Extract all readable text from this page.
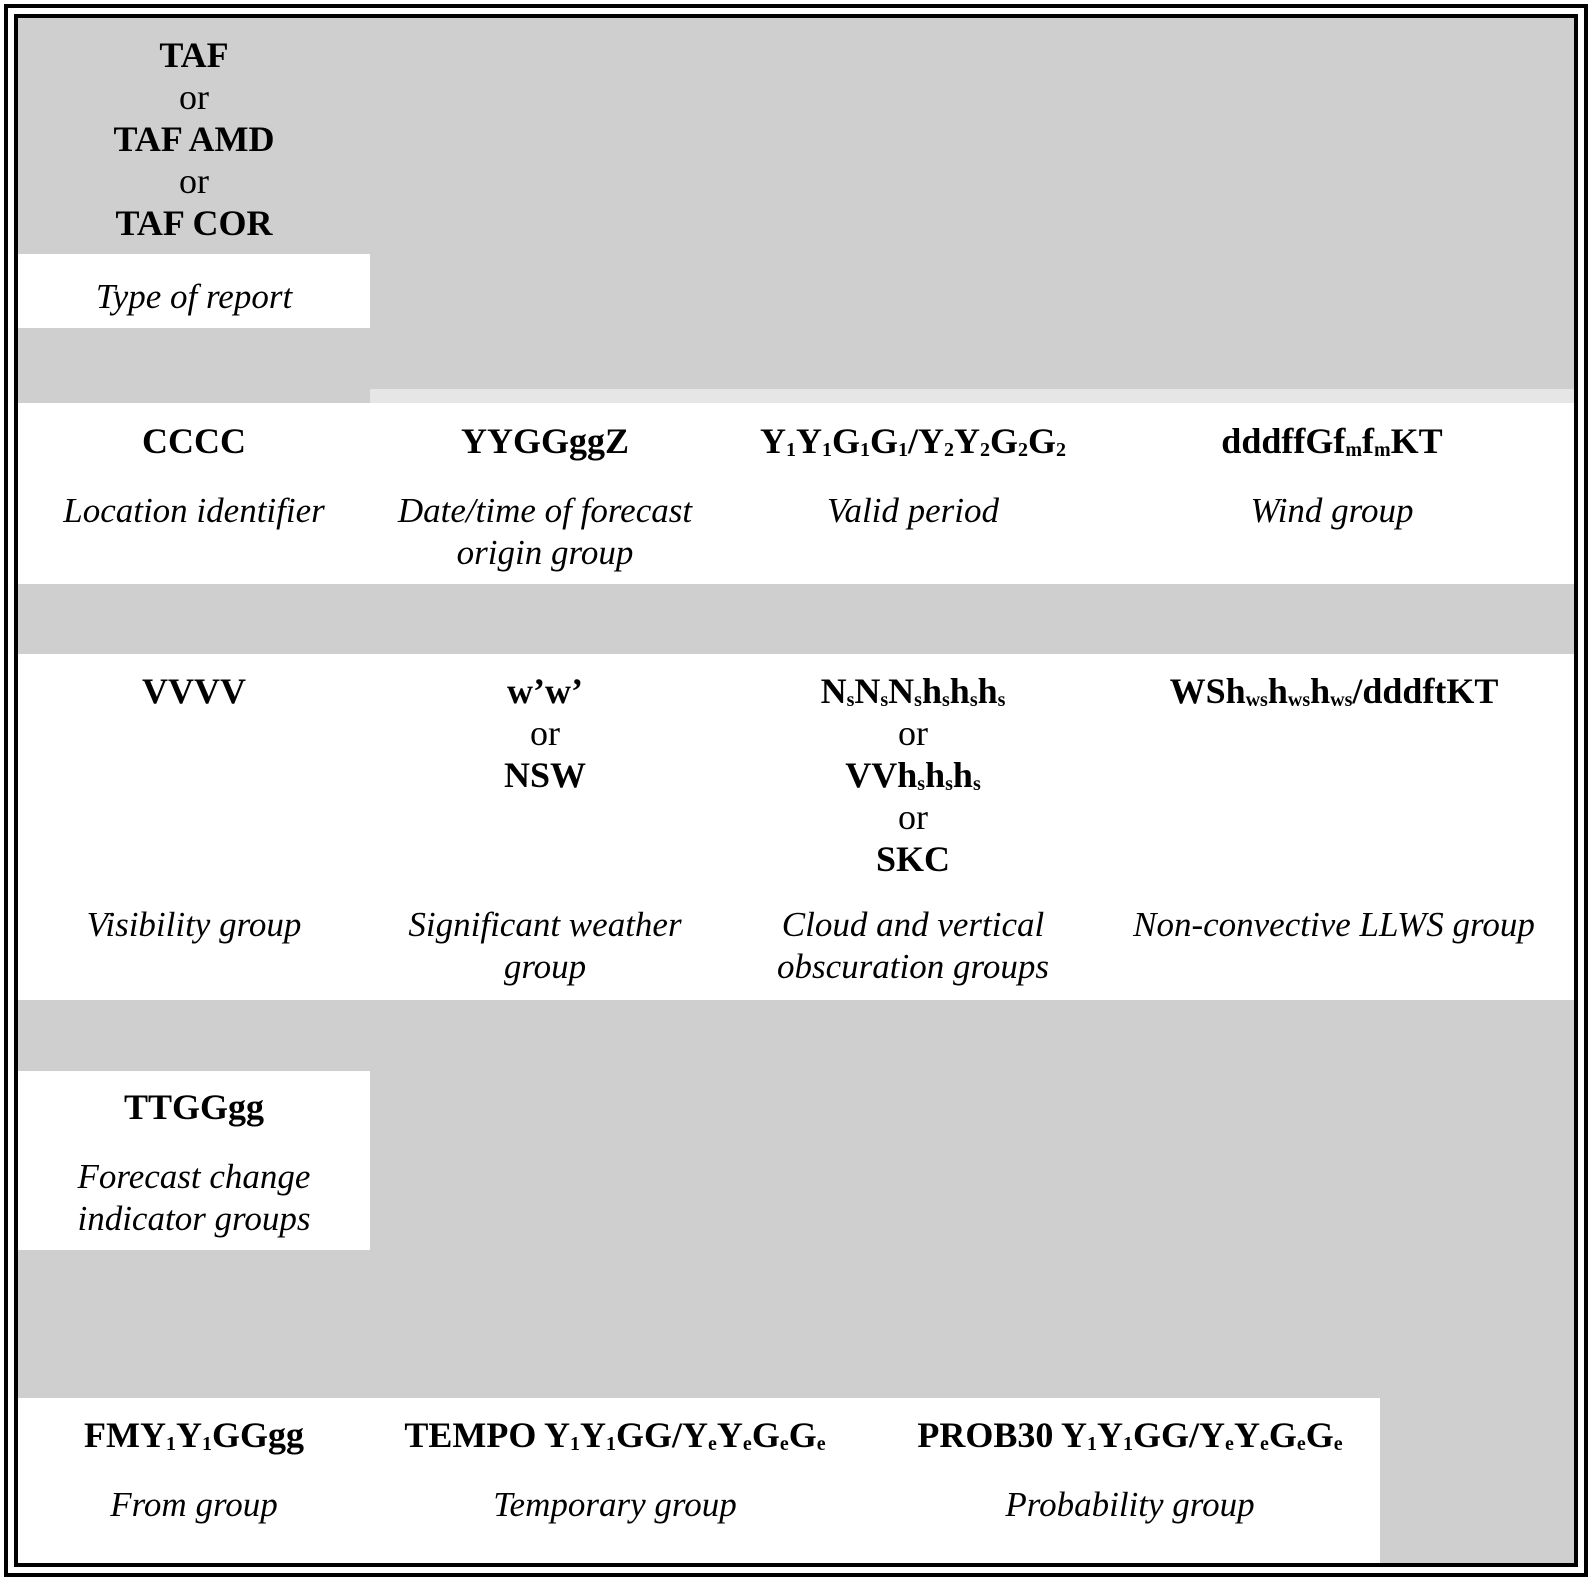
TAF
or
TAF AMD
or
TAF COR
Type of report
CCCC
Location identifier
YYGGggZ
Date/time of forecast origin group
$Y_1Y_1G_1G_1/Y_2Y_2G_2G_2$
Valid period
$dddffGf_mf_mKT$
Wind group
VVVV
Visibility group
w’w’
or
NSW
Significant weather group
$N_sN_sN_sh_sh_sh_s$
or
$VVh_sh_sh_s$
or
SKC
Cloud and vertical obscuration groups
$WSh_{ws}h_{ws}h_{ws}$/dddftKT
Non-convective LLWS group
TTGGgg
Forecast change indicator groups
$FMY_1Y_1GGgg$
From group
TEMPO $Y_1Y_1GG/Y_eY_eG_eG_e$
Temporary group
PROB30 $Y_1Y_1GG/Y_eY_eG_eG_e$
Probability group
